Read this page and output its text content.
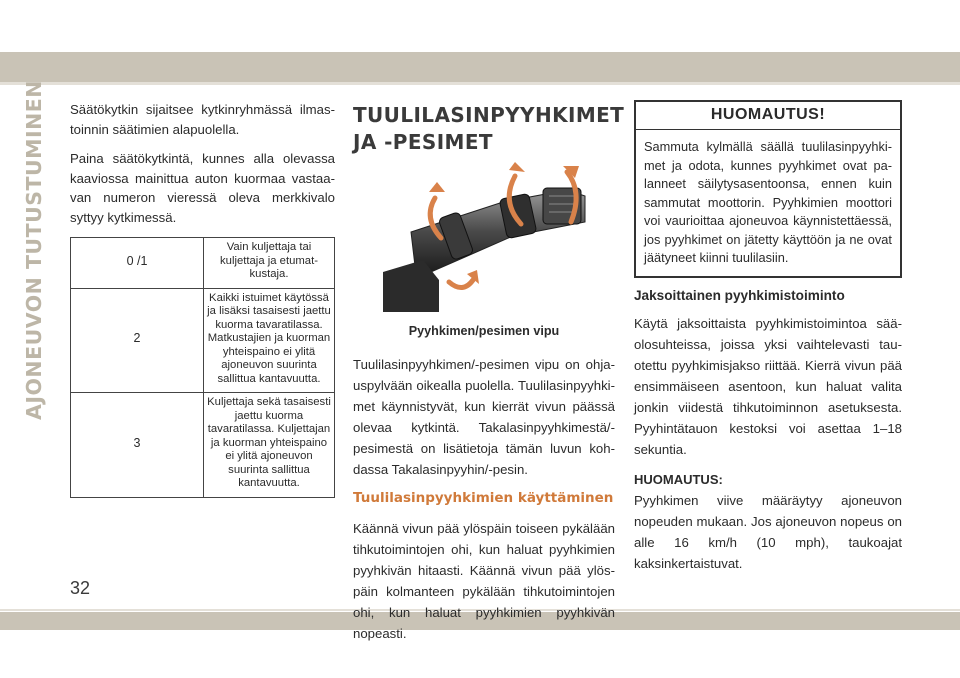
AJONEUVON TUTUSTUMINEN
32

Säätökytkin sijaitsee kytkinryhmässä ilmastoinnin säätimien alapuolella.

Paina säätökytkintä, kunnes alla olevassa kaaviossa mainittua auton kuormaa vastaavan numeron vieressä oleva merkkivalo syttyy kytkimessä.

0 /1	Vain kuljettaja tai kuljettaja ja etumatkustaja.
2	Kaikki istuimet käytössä ja lisäksi tasaisesti jaettu kuorma tavaratilassa. Matkustajien ja kuorman yhteispaino ei ylitä ajoneuvon suurinta sallittua kantavuutta.
3	Kuljettaja sekä tasaisesti jaettu kuorma tavaratilassa. Kuljettajan ja kuorman yhteispaino ei ylitä ajoneuvon suurinta sallittua kantavuutta.
TUULILASINPYYHKIMET JA -PESIMET
Pyyhkimen/pesimen vipu

Tuulilasinpyyhkimen/-pesimen vipu on ohjauspylvään oikealla puolella. Tuulilasinpyyhkimet käynnistyvät, kun kierrät vivun päässä olevaa kytkintä. Takalasinpyyhkimestä/-pesimestä on lisätietoja tämän luvun kohdassa Takalasinpyyhin/-pesin.

Tuulilasinpyyhkimien käyttäminen

Käännä vivun pää ylöspäin toiseen pykälään tihkutoimintojen ohi, kun haluat pyyhkimien pyyhkivän hitaasti. Käännä vivun pää ylöspäin kolmanteen pykälään tihkutoimintojen ohi, kun haluat pyyhkimien pyyhkivän nopeasti.

HUOMAUTUS!
Sammuta kylmällä säällä tuulilasinpyyhkimet ja odota, kunnes pyyhkimet ovat palanneet säilytysasentoonsa, ennen kuin sammutat moottorin. Pyyhkimien moottori voi vaurioittaa ajoneuvoa käynnistettäessä, jos pyyhkimet on jätetty käyttöön ja ne ovat jäätyneet kiinni tuulilasiin.
Jaksoittainen pyyhkimistoiminto

Käytä jaksoittaista pyyhkimistoimintoa sääolosuhteissa, joissa yksi vaihtelevasti tauotettu pyyhkimisjakso riittää. Kierrä vivun pää ensimmäiseen asentoon, kun haluat valita jonkin viidestä tihkutoiminnon asetuksesta. Pyyhintätauon kestoksi voi asettaa 1–18 sekuntia.

HUOMAUTUS:

Pyyhkimen viive määräytyy ajoneuvon nopeuden mukaan. Jos ajoneuvon nopeus on alle 16 km/h (10 mph), taukoajat kaksinkertaistuvat.
